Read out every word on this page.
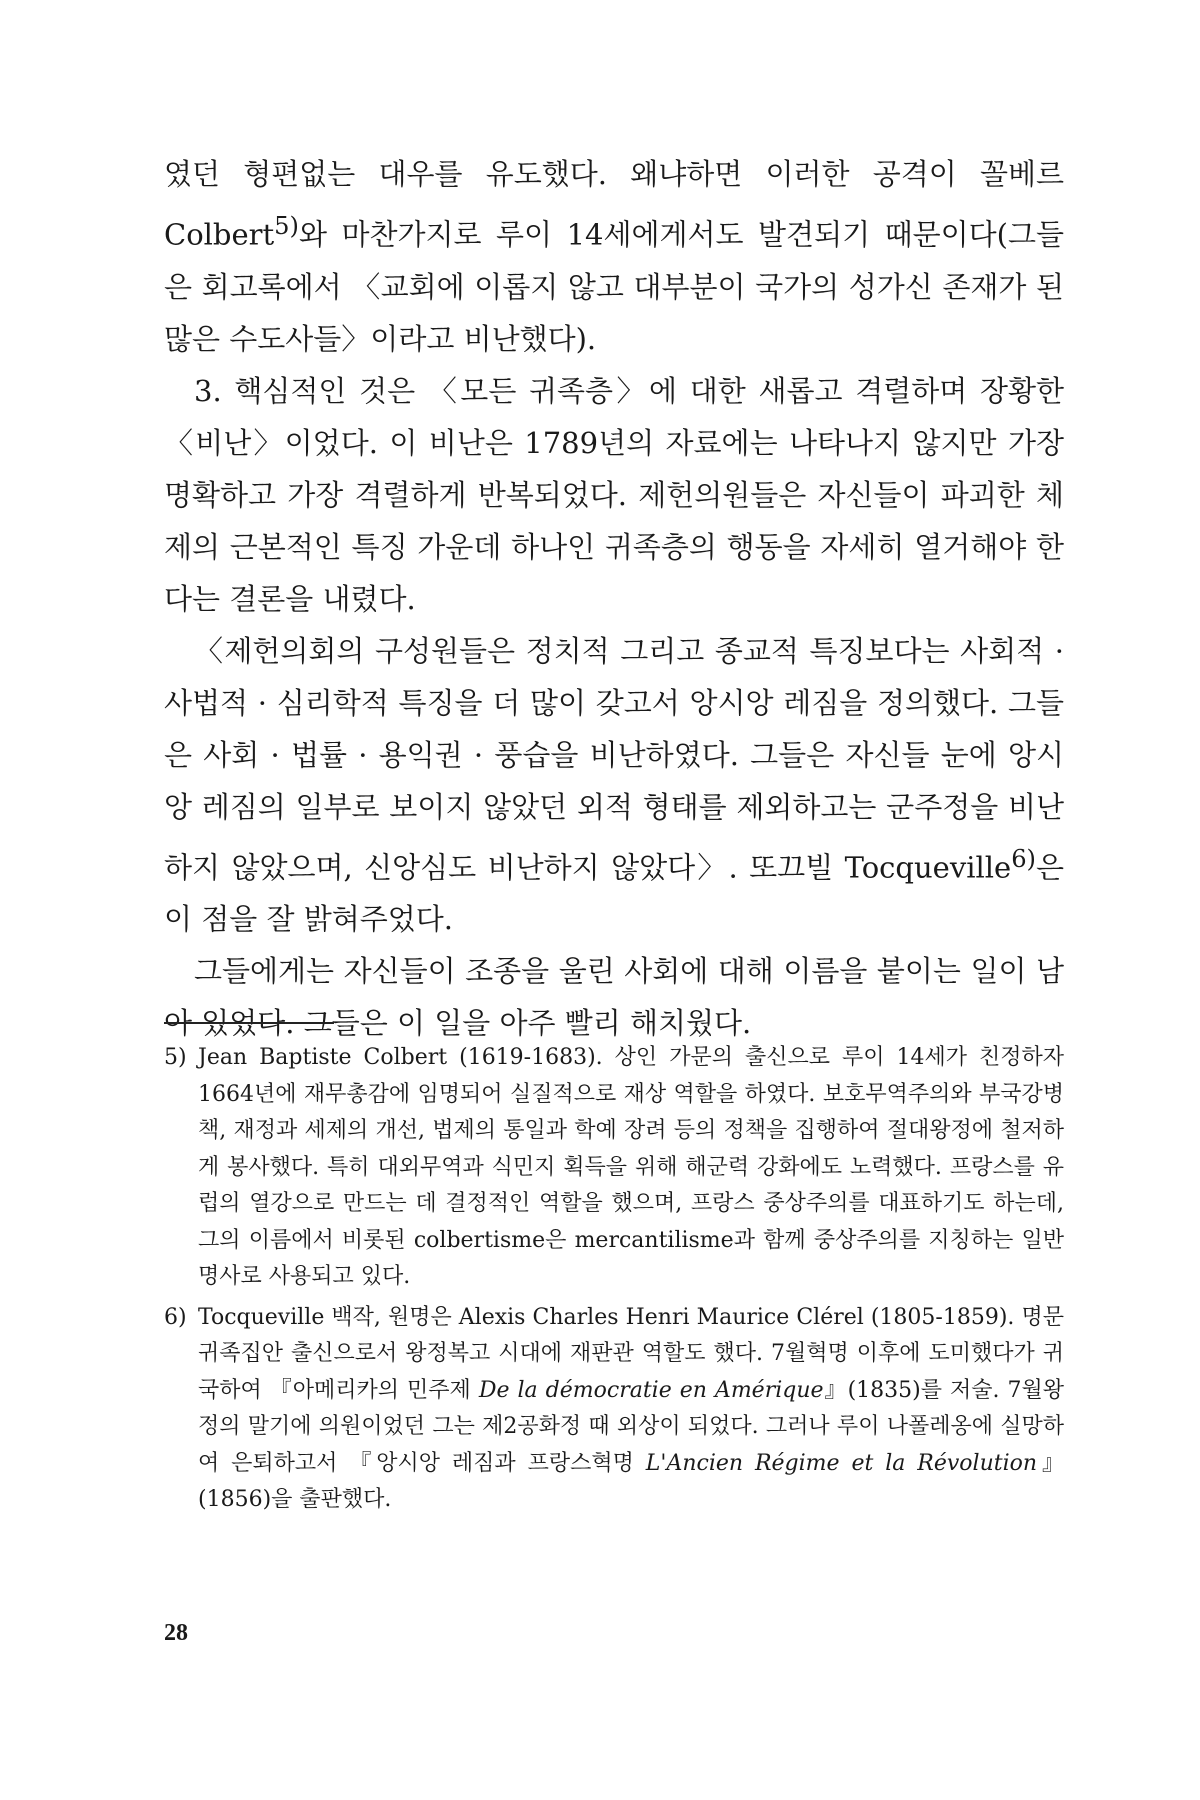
였던 형편없는 대우를 유도했다. 왜냐하면 이러한 공격이 꼴베르 Colbert$^{5)}$와 마찬가지로 루이 14세에게서도 발견되기 때문이다(그들은 회고록에서 〈교회에 이롭지 않고 대부분이 국가의 성가신 존재가 된 많은 수도사들〉이라고 비난했다).

3. 핵심적인 것은 〈모든 귀족층〉에 대한 새롭고 격렬하며 장황한 〈비난〉이었다. 이 비난은 1789년의 자료에는 나타나지 않지만 가장 명확하고 가장 격렬하게 반복되었다. 제헌의원들은 자신들이 파괴한 체제의 근본적인 특징 가운데 하나인 귀족층의 행동을 자세히 열거해야 한다는 결론을 내렸다.

〈제헌의회의 구성원들은 정치적 그리고 종교적 특징보다는 사회적 · 사법적 · 심리학적 특징을 더 많이 갖고서 앙시앙 레짐을 정의했다. 그들은 사회 · 법률 · 용익권 · 풍습을 비난하였다. 그들은 자신들 눈에 앙시앙 레짐의 일부로 보이지 않았던 외적 형태를 제외하고는 군주정을 비난하지 않았으며, 신앙심도 비난하지 않았다〉. 또끄빌 Tocqueville$^{6)}$은 이 점을 잘 밝혀주었다.

그들에게는 자신들이 조종을 울린 사회에 대해 이름을 붙이는 일이 남아 있었다. 그들은 이 일을 아주 빨리 해치웠다.

5) Jean Baptiste Colbert (1619-1683). 상인 가문의 출신으로 루이 14세가 친정하자 1664년에 재무총감에 임명되어 실질적으로 재상 역할을 하였다. 보호무역주의와 부국강병책, 재정과 세제의 개선, 법제의 통일과 학예 장려 등의 정책을 집행하여 절대왕정에 철저하게 봉사했다. 특히 대외무역과 식민지 획득을 위해 해군력 강화에도 노력했다. 프랑스를 유럽의 열강으로 만드는 데 결정적인 역할을 했으며, 프랑스 중상주의를 대표하기도 하는데, 그의 이름에서 비롯된 colbertisme은 mercantilisme과 함께 중상주의를 지칭하는 일반명사로 사용되고 있다.

6) Tocqueville 백작, 원명은 Alexis Charles Henri Maurice Clérel (1805-1859). 명문 귀족집안 출신으로서 왕정복고 시대에 재판관 역할도 했다. 7월혁명 이후에 도미했다가 귀국하여 『아메리카의 민주제 De la démocratie en Amérique』(1835)를 저술. 7월왕정의 말기에 의원이었던 그는 제2공화정 때 외상이 되었다. 그러나 루이 나폴레옹에 실망하여 은퇴하고서 『앙시앙 레짐과 프랑스혁명 L'Ancien Régime et la Révolution』(1856)을 출판했다.

28
